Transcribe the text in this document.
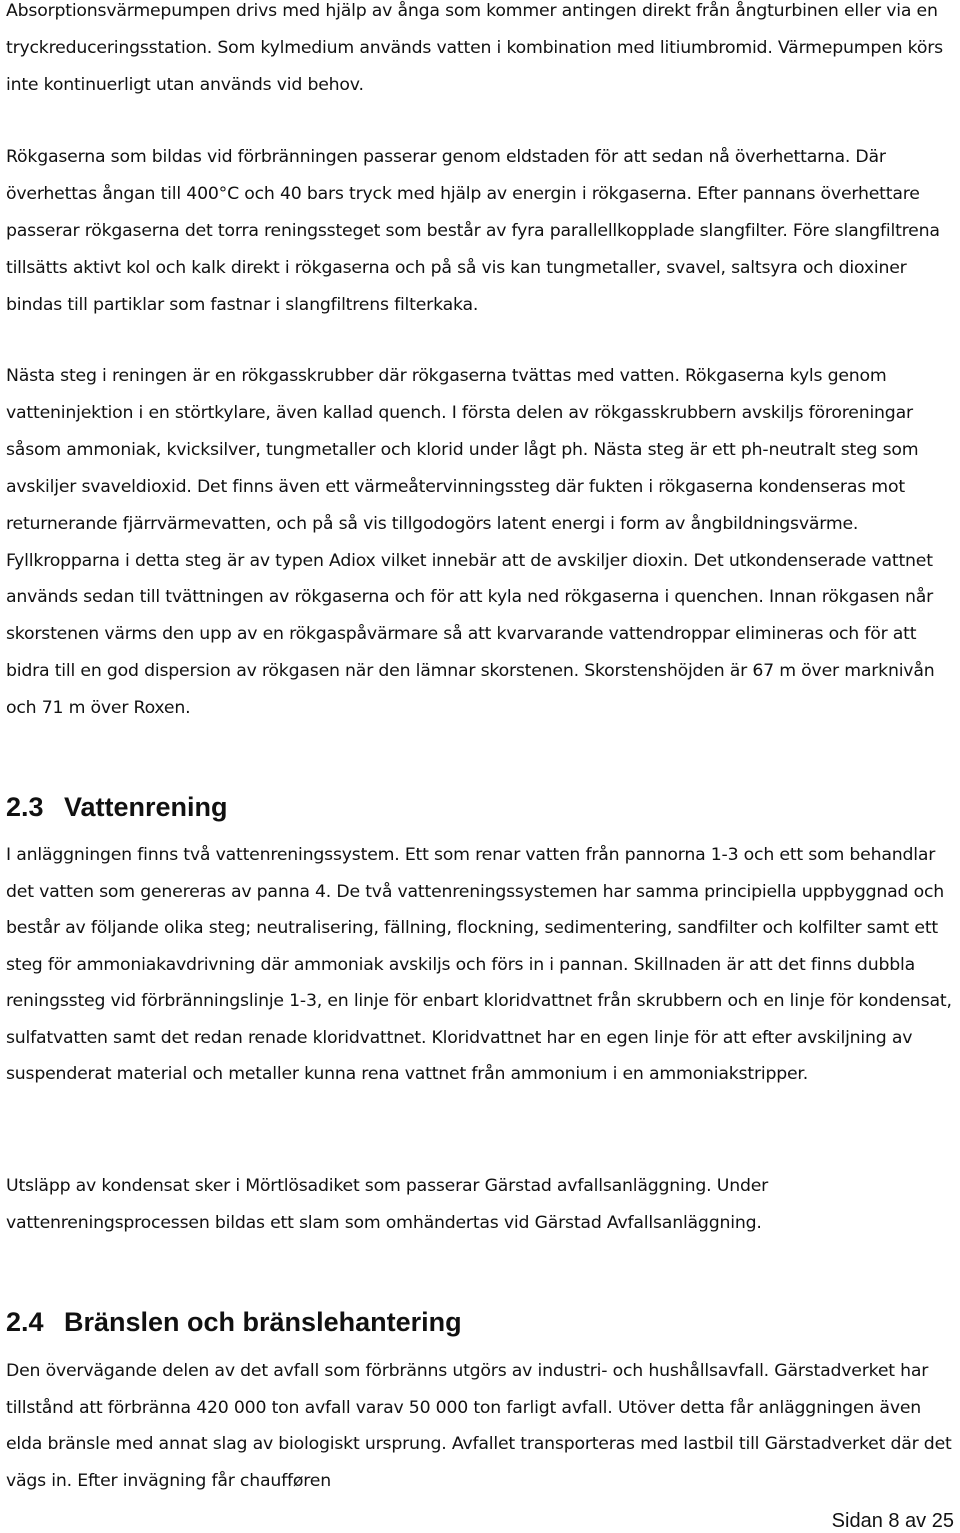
Absorptionsvärmepumpen drivs med hjälp av ånga som kommer antingen direkt från ångturbinen eller via en tryckreduceringsstation. Som kylmedium används vatten i kombination med litiumbromid. Värmepumpen körs inte kontinuerligt utan används vid behov.

Rökgaserna som bildas vid förbränningen passerar genom eldstaden för att sedan nå överhettarna. Där överhettas ångan till 400°C och 40 bars tryck med hjälp av energin i rökgaserna. Efter pannans överhettare passerar rökgaserna det torra reningssteget som består av fyra parallellkopplade slangfilter. Före slangfiltrena tillsätts aktivt kol och kalk direkt i rökgaserna och på så vis kan tungmetaller, svavel, saltsyra och dioxiner bindas till partiklar som fastnar i slangfiltrens filterkaka.

Nästa steg i reningen är en rökgasskrubber där rökgaserna tvättas med vatten. Rökgaserna kyls genom vatteninjektion i en störtkylare, även kallad quench. I första delen av rökgasskrubbern avskiljs föroreningar såsom ammoniak, kvicksilver, tungmetaller och klorid under lågt ph. Nästa steg är ett ph-neutralt steg som avskiljer svaveldioxid. Det finns även ett värmeåtervinningssteg där fukten i rökgaserna kondenseras mot returnerande fjärrvärmevatten, och på så vis tillgodogörs latent energi i form av ångbildningsvärme. Fyllkropparna i detta steg är av typen Adiox vilket innebär att de avskiljer dioxin. Det utkondenserade vattnet används sedan till tvättningen av rökgaserna och för att kyla ned rökgaserna i quenchen. Innan rökgasen når skorstenen värms den upp av en rökgaspåvärmare så att kvarvarande vattendroppar elimineras och för att bidra till en god dispersion av rökgasen när den lämnar skorstenen. Skorstenshöjden är 67 m över marknivån och 71 m över Roxen.

2.3 Vattenrening

I anläggningen finns två vattenreningssystem. Ett som renar vatten från pannorna 1-3 och ett som behandlar det vatten som genereras av panna 4. De två vattenreningssystemen har samma principiella uppbyggnad och består av följande olika steg; neutralisering, fällning, flockning, sedimentering, sandfilter och kolfilter samt ett steg för ammoniakavdrivning där ammoniak avskiljs och förs in i pannan. Skillnaden är att det finns dubbla reningssteg vid förbränningslinje 1-3, en linje för enbart kloridvattnet från skrubbern och en linje för kondensat, sulfatvatten samt det redan renade kloridvattnet. Kloridvattnet har en egen linje för att efter avskiljning av suspenderat material och metaller kunna rena vattnet från ammonium i en ammoniakstripper.

Utsläpp av kondensat sker i Mörtlösadiket som passerar Gärstad avfallsanläggning. Under vattenreningsprocessen bildas ett slam som omhändertas vid Gärstad Avfallsanläggning.

2.4 Bränslen och bränslehantering

Den övervägande delen av det avfall som förbränns utgörs av industri- och hushållsavfall. Gärstadverket har tillstånd att förbränna 420 000 ton avfall varav 50 000 ton farligt avfall. Utöver detta får anläggningen även elda bränsle med annat slag av biologiskt ursprung. Avfallet transporteras med lastbil till Gärstadverket där det vägs in. Efter invägning får chaufføren

Sidan 8 av 25
